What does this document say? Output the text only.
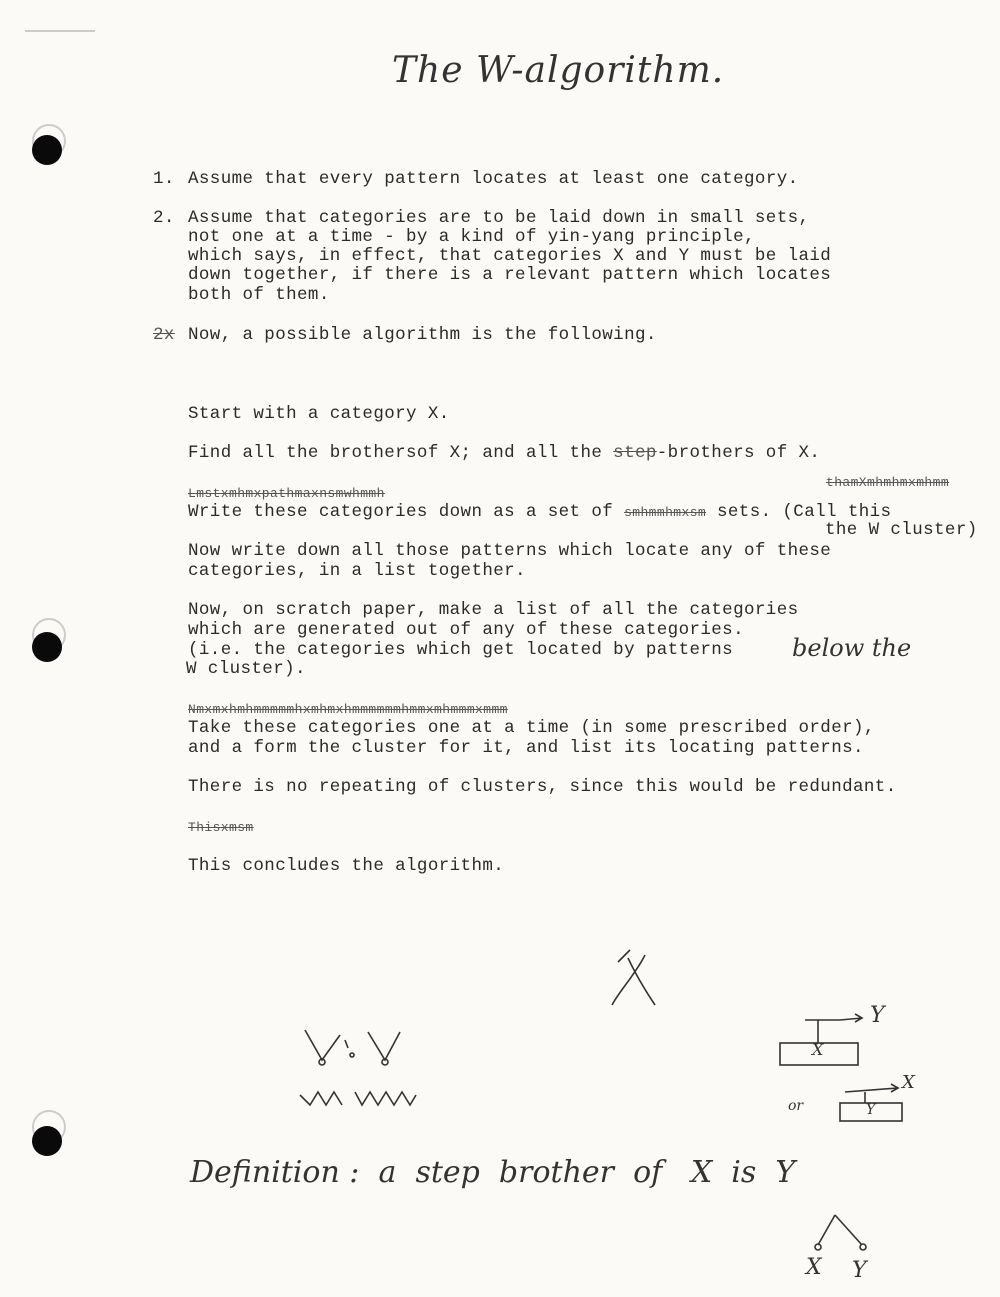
The W-algorithm.
1. Assume that every pattern locates at least one category.
2. Assume that categories are to be laid down in small sets,
not one at a time - by a kind of yin-yang principle,
which says, in effect, that categories X and Y must be laid
down together, if there is a relevant pattern which locates
both of them.
2x Now, a possible algorithm is the following.
Start with a category X.
Find all the brothersof X; and all the step-brothers of X.
Lmstxmhmxpathmaxnsmwhmmh
thamXmhmhmxmhmm
Write these categories down as a set of smhmmhmxsm sets. (Call this
the W cluster)
Now write down all those patterns which locate any of these
categories, in a list together.
Now, on scratch paper, make a list of all the categories
which are generated out of any of these categories.
(i.e. the categories which get located by patterns below the
W cluster).
Nmxmxhmhmmmmmhxmhmxhmmmmmmhmmxmhmmmxmmm
Take these categories one at a time (in some prescribed order),
and a form the cluster for it, and list its locating patterns.
There is no repeating of clusters, since this would be redundant.
Thisxmsm
This concludes the algorithm.
X
Y
X
or	Y
Definition :  a  step  brother  of   X  is  Y
X Y
